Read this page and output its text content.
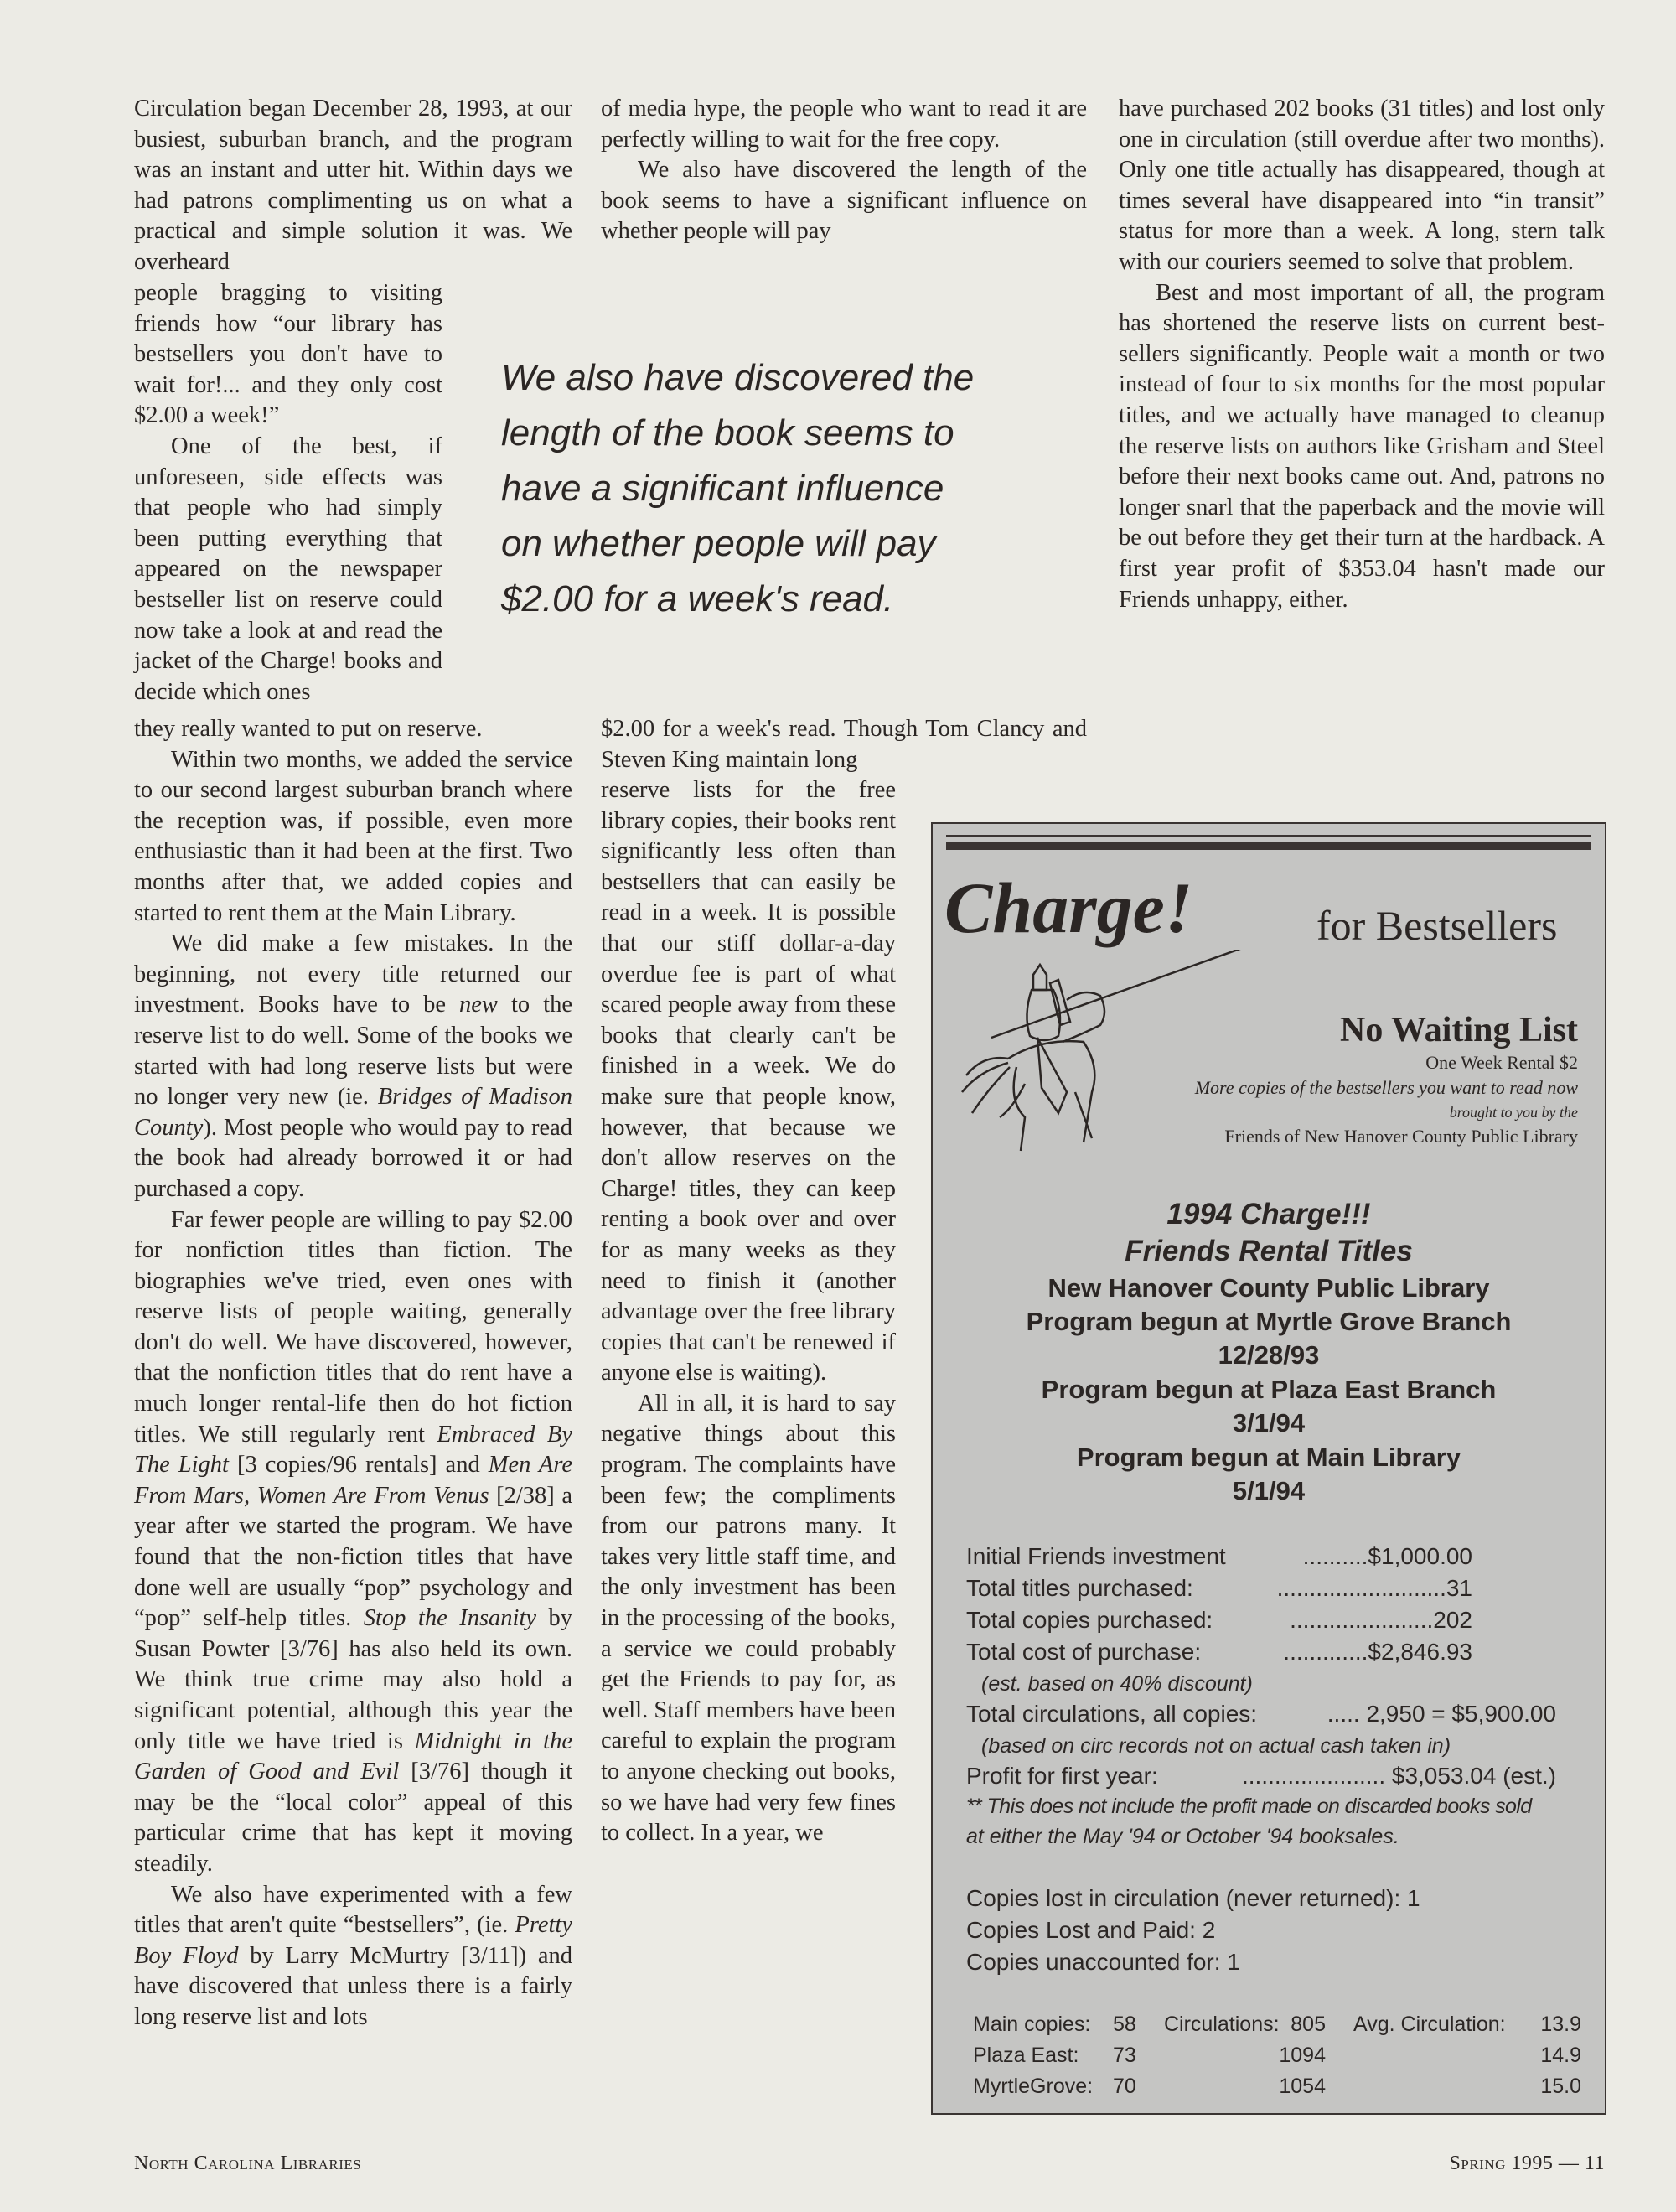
Circulation began December 28, 1993, at our busiest, suburban branch, and the program was an instant and utter hit. Within days we had patrons complimenting us on what a practical and simple solution it was. We overheard

people bragging to visiting friends how “our library has bestsellers you don't have to wait for!... and they only cost $2.00 a week!”

One of the best, if unforeseen, side effects was that people who had simply been putting everything that appeared on the newspaper bestseller list on reserve could now take a look at and read the jacket of the Charge! books and decide which ones

they really wanted to put on reserve.

Within two months, we added the service to our second largest suburban branch where the reception was, if possible, even more enthusiastic than it had been at the first. Two months after that, we added copies and started to rent them at the Main Library.

We did make a few mistakes. In the beginning, not every title returned our investment. Books have to be new to the reserve list to do well. Some of the books we started with had long reserve lists but were no longer very new (ie. Bridges of Madison County). Most people who would pay to read the book had already borrowed it or had purchased a copy.

Far fewer people are willing to pay $2.00 for nonfiction titles than fiction. The biographies we've tried, even ones with reserve lists of people waiting, generally don't do well. We have discovered, however, that the nonfiction titles that do rent have a much longer rental-life then do hot fiction titles. We still regularly rent Embraced By The Light [3 copies/96 rentals] and Men Are From Mars, Women Are From Venus [2/38] a year after we started the program. We have found that the non-fiction titles that have done well are usually “pop” psychology and “pop” self-help titles. Stop the Insanity by Susan Powter [3/76] has also held its own. We think true crime may also hold a significant potential, although this year the only title we have tried is Midnight in the Garden of Good and Evil [3/76] though it may be the “local color” appeal of this particular crime that has kept it moving steadily.

We also have experimented with a few titles that aren't quite “bestsellers”, (ie. Pretty Boy Floyd by Larry McMurtry [3/11]) and have discovered that unless there is a fairly long reserve list and lots

of media hype, the people who want to read it are perfectly willing to wait for the free copy.

We also have discovered the length of the book seems to have a significant influence on whether people will pay

$2.00 for a week's read. Though Tom Clancy and Steven King maintain long

reserve lists for the free library copies, their books rent significantly less often than bestsellers that can easily be read in a week. It is possible that our stiff dollar-a-day overdue fee is part of what scared people away from these books that clearly can't be finished in a week. We do make sure that people know, however, that because we don't allow reserves on the Charge! titles, they can keep renting a book over and over for as many weeks as they need to finish it (another advantage over the free library copies that can't be renewed if anyone else is waiting).

All in all, it is hard to say negative things about this program. The complaints have been few; the compliments from our patrons many. It takes very little staff time, and the only investment has been in the processing of the books, a service we could probably get the Friends to pay for, as well. Staff members have been careful to explain the program to anyone checking out books, so we have had very few fines to collect. In a year, we

have purchased 202 books (31 titles) and lost only one in circulation (still overdue after two months). Only one title actually has disappeared, though at times several have disappeared into “in transit” status for more than a week. A long, stern talk with our couriers seemed to solve that problem.

Best and most important of all, the program has shortened the reserve lists on current best-sellers significantly. People wait a month or two instead of four to six months for the most popular titles, and we actually have managed to cleanup the reserve lists on authors like Grisham and Steel before their next books came out. And, patrons no longer snarl that the paperback and the movie will be out before they get their turn at the hardback. A first year profit of $353.04 hasn't made our Friends unhappy, either.

We also have discovered the
length of the book seems to
have a significant influence
on whether people will pay
$2.00 for a week's read.
Charge!	for Bestsellers
No Waiting List
One Week Rental $2
More copies of the bestsellers you want to read now
brought to you by the
Friends of New Hanover County Public Library
1994 Charge!!!
Friends Rental Titles
New Hanover County Public Library
Program begun at Myrtle Grove Branch
12/28/93
Program begun at Plaza East Branch
3/1/94
Program begun at Main Library
5/1/94
Initial Friends investment	..........$1,000.00
Total titles purchased:	..........................31
Total copies purchased:	......................202
Total cost of purchase:	.............$2,846.93
(est. based on 40% discount)
Total circulations, all copies:	..... 2,950 = $5,900.00
(based on circ records not on actual cash taken in)
Profit for first year:	...................... $3,053.04 (est.)
** This does not include the profit made on discarded books sold
at either the May '94 or October '94 booksales.
Copies lost in circulation (never returned): 1
Copies Lost and Paid: 2
Copies unaccounted for: 1
Main copies: 58 Circulations: 805 Avg. Circulation: 13.9
Plaza East: 73	1094	14.9
MyrtleGrove: 70	1054	15.0
North Carolina Libraries	Spring 1995 — 11
